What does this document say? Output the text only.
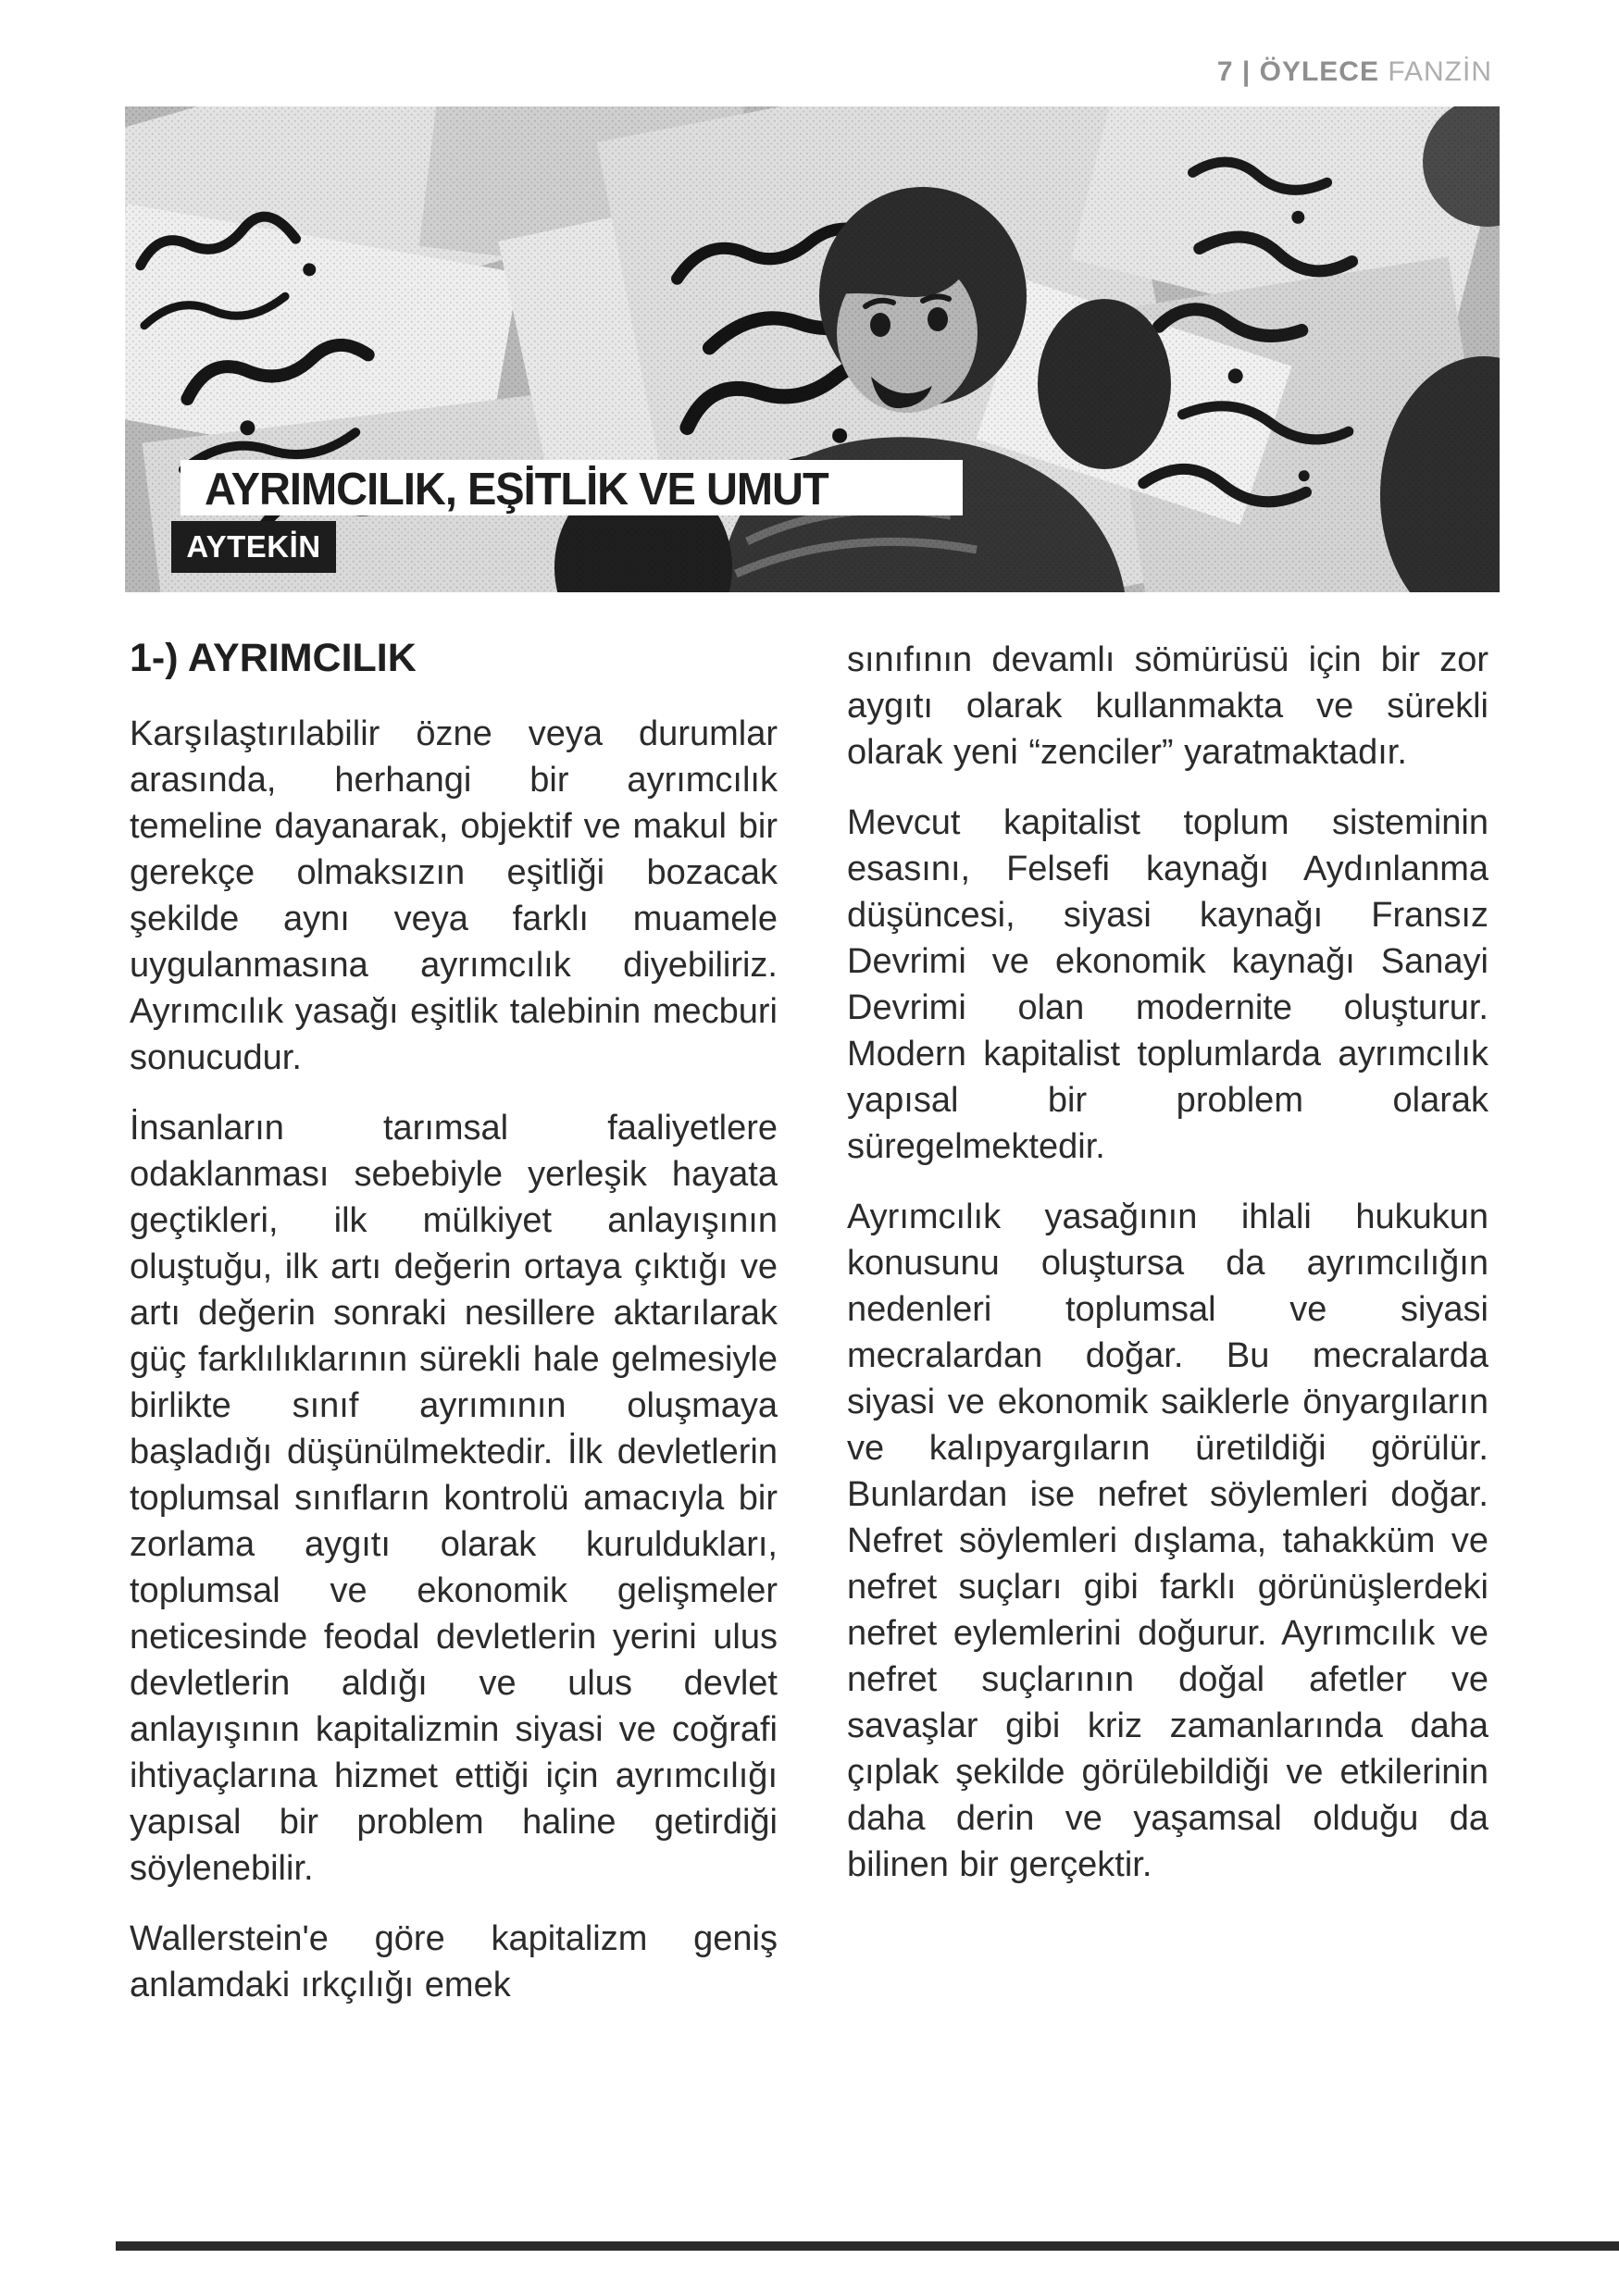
7 | ÖYLECE FANZİN
AYRIMCILIK, EŞİTLİK VE UMUT
AYTEKİN
1-) AYRIMCILIK

Karşılaştırılabilir özne veya durumlar arasında, herhangi bir ayrımcılık temeline dayanarak, objektif ve makul bir gerekçe olmaksızın eşitliği bozacak şekilde aynı veya farklı muamele uygulanmasına ayrımcılık diyebiliriz. Ayrımcılık yasağı eşitlik talebinin mecburi sonucudur.

İnsanların tarımsal faaliyetlere odaklanması sebebiyle yerleşik hayata geçtikleri, ilk mülkiyet anlayışının oluştuğu, ilk artı değerin ortaya çıktığı ve artı değerin sonraki nesillere aktarılarak güç farklılıklarının sürekli hale gelmesiyle birlikte sınıf ayrımının oluşmaya başladığı düşünülmektedir. İlk devletlerin toplumsal sınıfların kontrolü amacıyla bir zorlama aygıtı olarak kuruldukları, toplumsal ve ekonomik gelişmeler neticesinde feodal devletlerin yerini ulus devletlerin aldığı ve ulus devlet anlayışının kapitalizmin siyasi ve coğrafi ihtiyaçlarına hizmet ettiği için ayrımcılığı yapısal bir problem haline getirdiği söylenebilir.

Wallerstein'e göre kapitalizm geniş anlamdaki ırkçılığı emek

sınıfının devamlı sömürüsü için bir zor aygıtı olarak kullanmakta ve sürekli olarak yeni “zenciler” yaratmaktadır.

Mevcut kapitalist toplum sisteminin esasını, Felsefi kaynağı Aydınlanma düşüncesi, siyasi kaynağı Fransız Devrimi ve ekonomik kaynağı Sanayi Devrimi olan modernite oluşturur. Modern kapitalist toplumlarda ayrımcılık yapısal bir problem olarak süregelmektedir.

Ayrımcılık yasağının ihlali hukukun konusunu oluştursa da ayrımcılığın nedenleri toplumsal ve siyasi mecralardan doğar. Bu mecralarda siyasi ve ekonomik saiklerle önyargıların ve kalıpyargıların üretildiği görülür. Bunlardan ise nefret söylemleri doğar. Nefret söylemleri dışlama, tahakküm ve nefret suçları gibi farklı görünüşlerdeki nefret eylemlerini doğurur. Ayrımcılık ve nefret suçlarının doğal afetler ve savaşlar gibi kriz zamanlarında daha çıplak şekilde görülebildiği ve etkilerinin daha derin ve yaşamsal olduğu da bilinen bir gerçektir.
